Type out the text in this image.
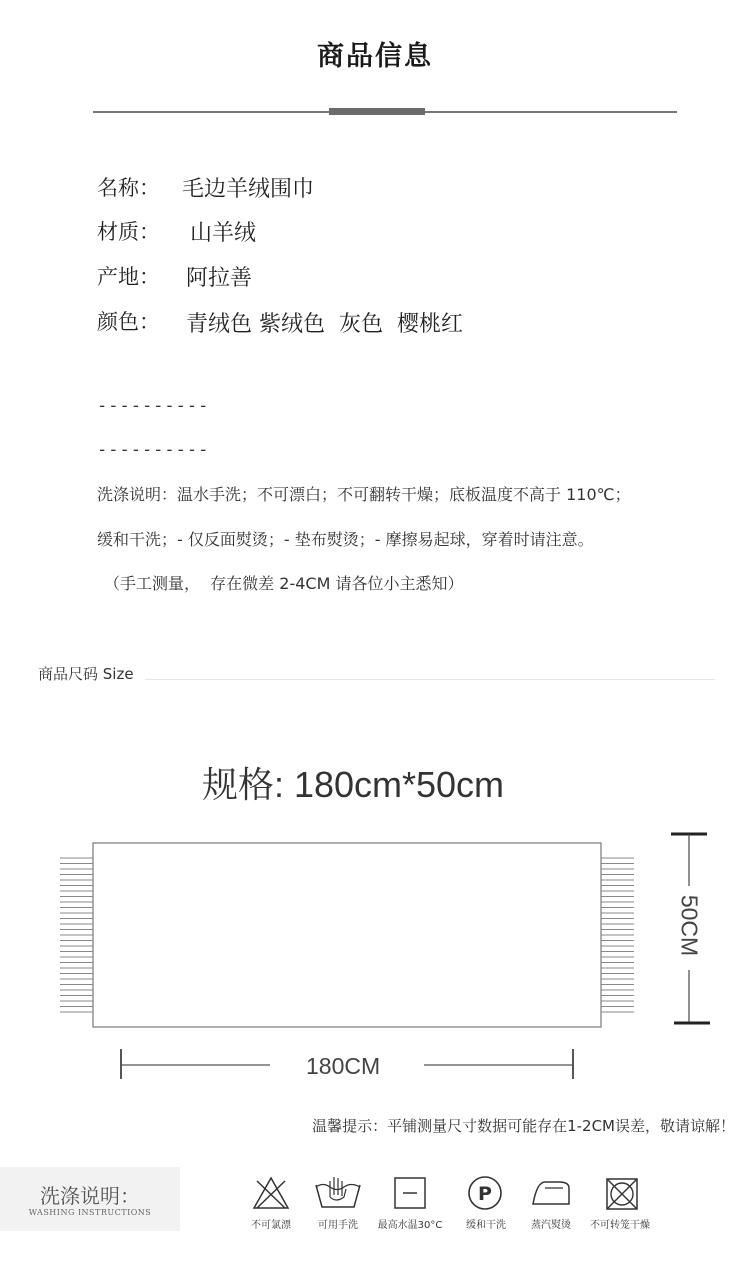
商品信息
名称： 毛边羊绒围巾
材质： 山羊绒
产地： 阿拉善
颜色： 青绒色 紫绒色  灰色  樱桃红
----------
----------
洗涤说明：温水手洗；不可漂白；不可翻转干燥；底板温度不高于 110℃；
缓和干洗；- 仅反面熨烫；- 垫布熨烫；- 摩擦易起球，穿着时请注意。
（手工测量，  存在微差 2-4CM 请各位小主悉知）
商品尺码 Size
规格: 180cm*50cm
180CM
50CM
温馨提示：平铺测量尺寸数据可能存在1-2CM误差，敬请谅解！
洗涤说明：
WASHING INSTRUCTIONS
不可氯漂	可用手洗	最高水温30°C
P
缓和干洗	蒸汽熨烫	不可转笼干燥
